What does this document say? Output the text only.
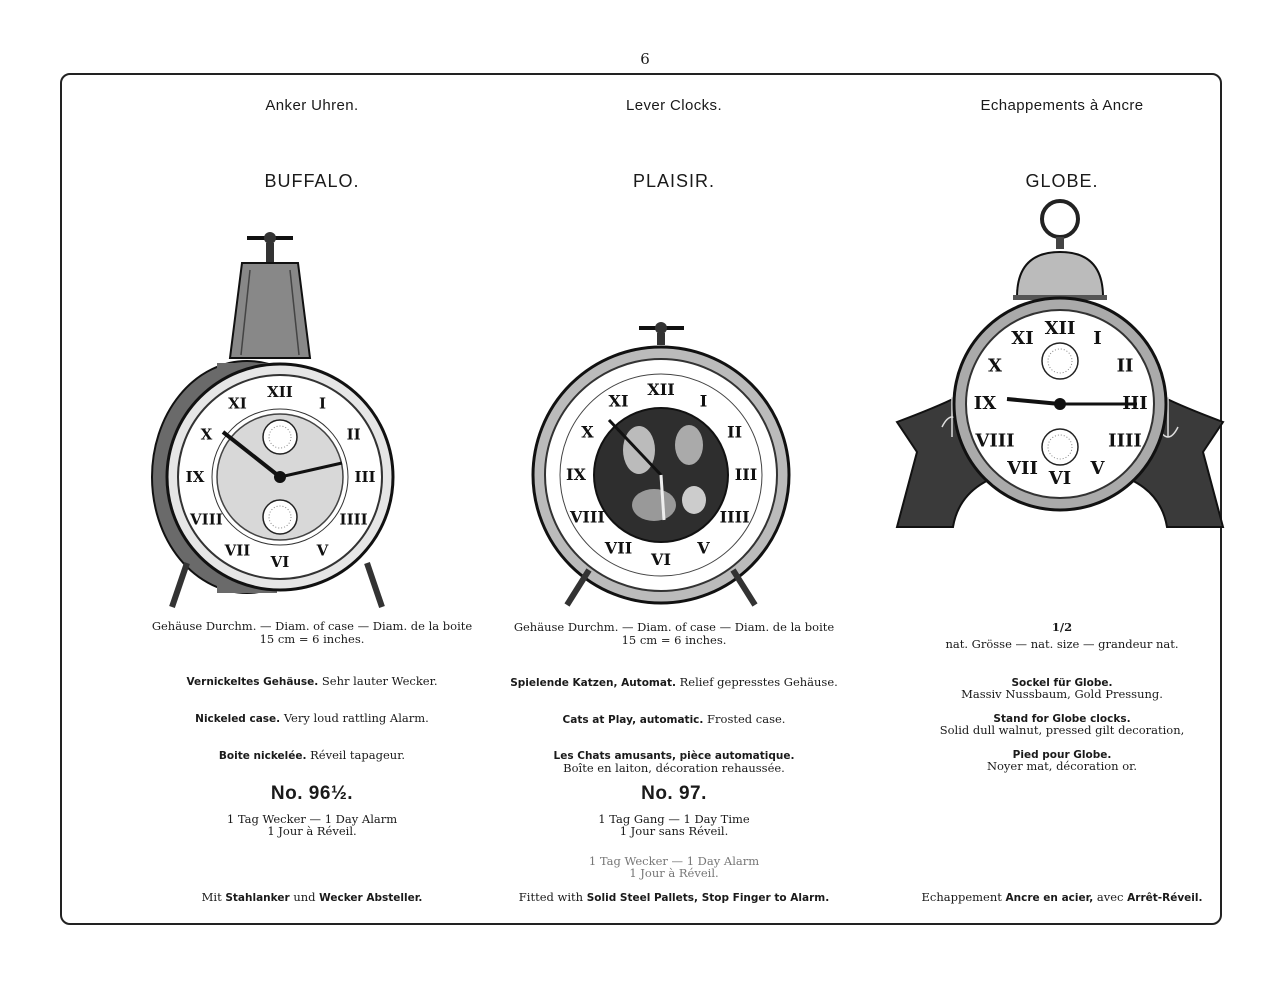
6
Anker Uhren.
BUFFALO.
XII
I
II
III
IIII
V
VI
VII
VIII
IX
X
XI
Gehäuse Durchm. — Diam. of case — Diam. de la boite
15 cm = 6 inches.
Vernickeltes Gehäuse. Sehr lauter Wecker.
Nickeled case. Very loud rattling Alarm.
Boite nickelée. Réveil tapageur.
No. 96½.
1 Tag Wecker — 1 Day Alarm
1 Jour à Réveil.
Mit Stahlanker und Wecker Absteller.
Lever Clocks.
PLAISIR.
XII
I
II
III
IIII
V
VI
VII
VIII
IX
X
XI
Gehäuse Durchm. — Diam. of case — Diam. de la boite
15 cm = 6 inches.
Spielende Katzen, Automat. Relief gepresstes Gehäuse.
Cats at Play, automatic. Frosted case.
Les Chats amusants, pièce automatique.
Boîte en laiton, décoration rehaussée.
No. 97.
1 Tag Gang — 1 Day Time
1 Jour sans Réveil.
1 Tag Wecker — 1 Day Alarm
1 Jour à Réveil.
Fitted with Solid Steel Pallets, Stop Finger to Alarm.
Echappements à Ancre
GLOBE.
XII I
II
III
IIII
V
VI
VII
VIII
IX
X
XI
1/2
nat. Grösse — nat. size — grandeur nat.
Sockel für Globe.
Massiv Nussbaum, Gold Pressung.
Stand for Globe clocks.
Solid dull walnut, pressed gilt decoration,
Pied pour Globe.
Noyer mat, décoration or.
Echappement Ancre en acier, avec Arrêt-Réveil.
